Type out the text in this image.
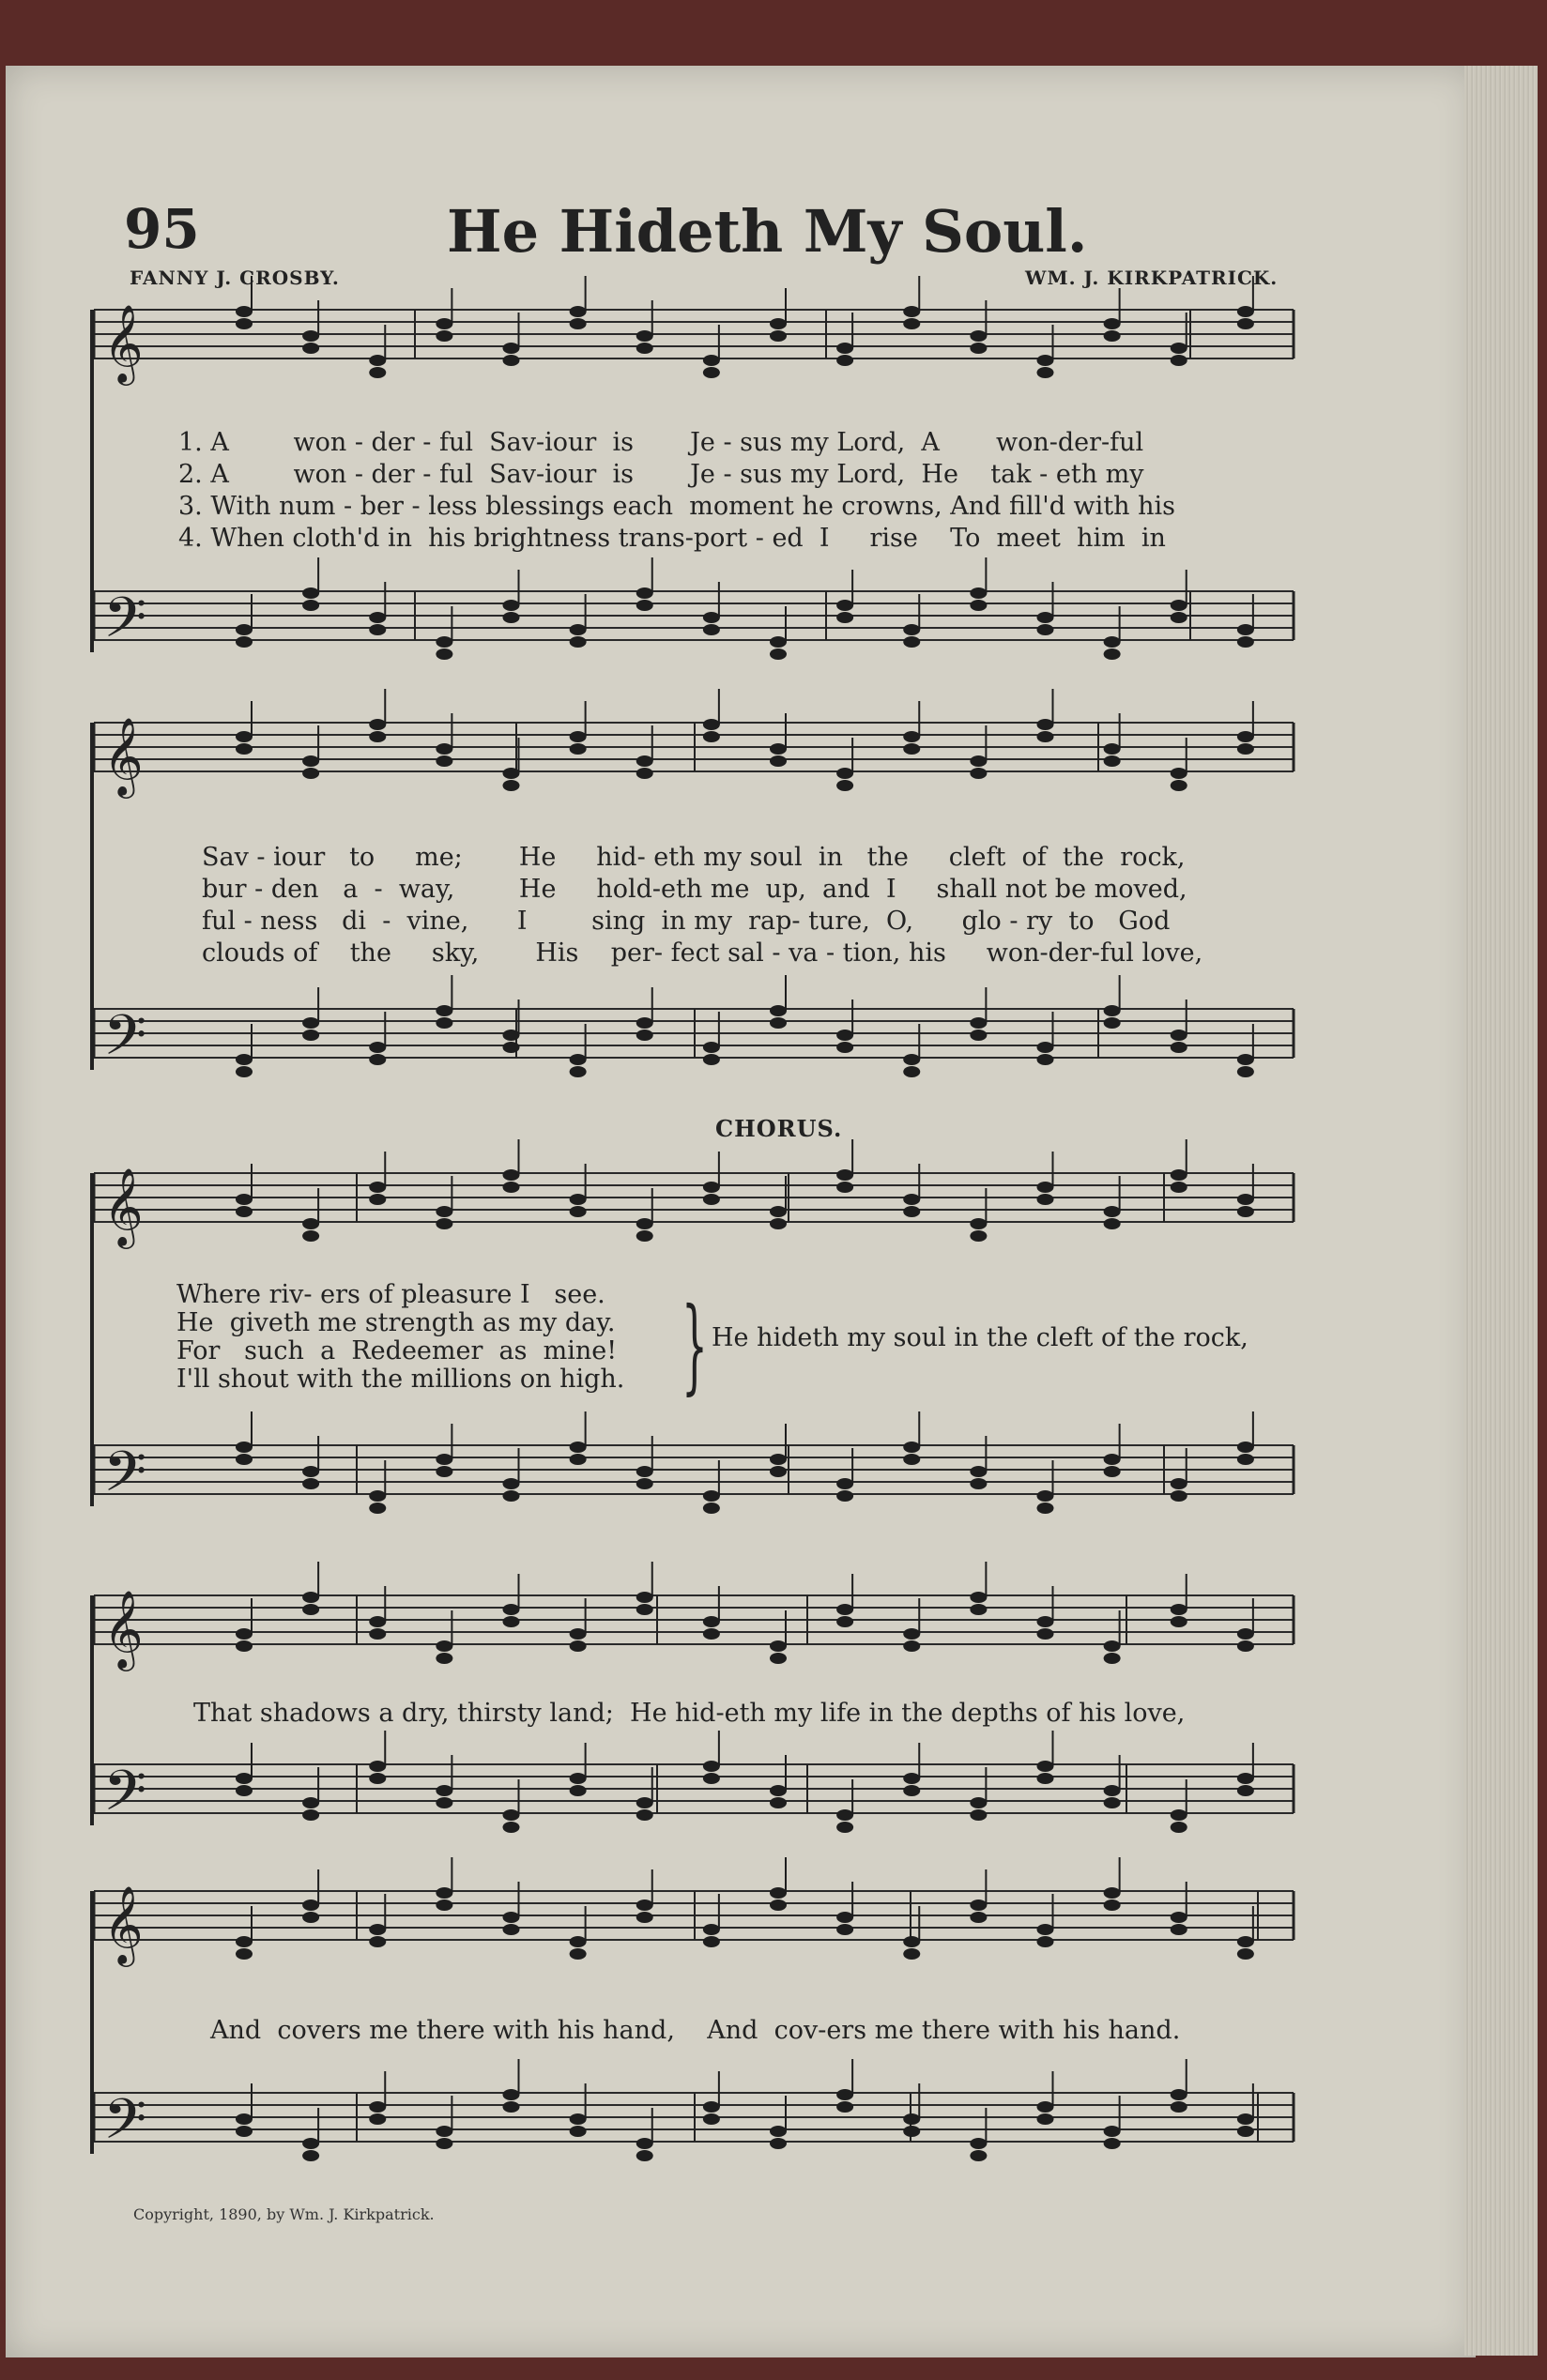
𝄞
𝄢
𝄞
𝄢
𝄞
𝄢
𝄞
𝄢
𝄞
𝄢
95	He Hideth My Soul.
FANNY J. CROSBY.	WM. J. KIRKPATRICK.
1. A        won - der - ful  Sav-iour  is       Je - sus my Lord,  A       won-der-ful
2. A        won - der - ful  Sav-iour  is       Je - sus my Lord,  He    tak - eth my
3. With num - ber - less blessings each  moment he crowns, And fill'd with his
4. When cloth'd in  his brightness trans-port - ed  I     rise    To  meet  him  in
Sav - iour   to     me;       He     hid- eth my soul  in   the     cleft  of  the  rock,
bur - den   a  -  way,        He     hold-eth me  up,  and  I     shall not be moved,
ful - ness   di  -  vine,      I        sing  in my  rap- ture,  O,      glo - ry  to   God
clouds of    the     sky,       His    per- fect sal - va - tion, his     won-der-ful love,
CHORUS.
Where riv- ers of pleasure I   see.
He  giveth me strength as my day.
For   such  a  Redeemer  as  mine!
I'll shout with the millions on high. } He hideth my soul in the cleft of the rock,
That shadows a dry, thirsty land;  He hid-eth my life in the depths of his love,
And  covers me there with his hand,    And  cov-ers me there with his hand.
Copyright, 1890, by Wm. J. Kirkpatrick.
